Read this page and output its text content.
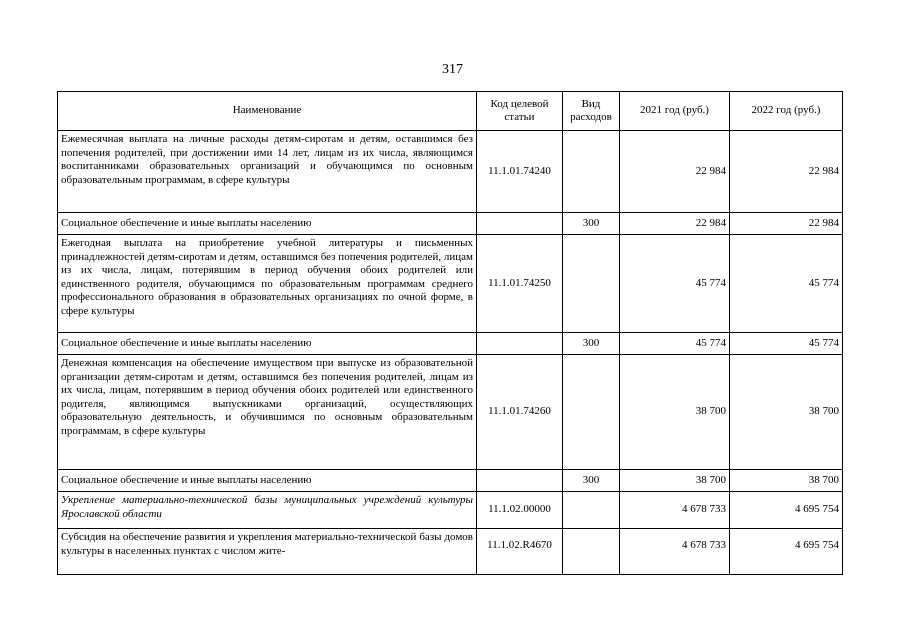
317
Наименование	Код целевой статьи	Вид расходов	2021 год (руб.)	2022 год (руб.)
Ежемесячная выплата на личные расходы детям-сиротам и детям, оставшимся без попечения родителей, при достижении ими 14 лет, лицам из их числа, являющимся воспитанниками образовательных организаций и обучающимся по основным образовательным программам, в сфере культуры	11.1.01.74240		22 984	22 984
Социальное обеспечение и иные выплаты населению		300	22 984	22 984
Ежегодная выплата на приобретение учебной литературы и письменных принадлежностей детям-сиротам и детям, оставшимся без попечения родителей, лицам из их числа, лицам, потерявшим в период обучения обоих родителей или единственного родителя, обучающимся по образовательным программам среднего профессионального образования в образовательных организациях по очной форме, в сфере культуры	11.1.01.74250		45 774	45 774
Социальное обеспечение и иные выплаты населению		300	45 774	45 774
Денежная компенсация на обеспечение имуществом при выпуске из образовательной организации детям-сиротам и детям, оставшимся без попечения родителей, лицам из их числа, лицам, потерявшим в период обучения обоих родителей или единственного родителя, являющимся выпускниками организаций, осуществляющих образовательную деятельность, и обучившимся по основным образовательным программам, в сфере культуры	11.1.01.74260		38 700	38 700
Социальное обеспечение и иные выплаты населению		300	38 700	38 700
Укрепление материально-технической базы муниципальных учреждений культуры Ярославской области	11.1.02.00000		4 678 733	4 695 754
Субсидия на обеспечение развития и укрепления материально-технической базы домов культуры в населенных пунктах с числом жите-	11.1.02.R4670		4 678 733	4 695 754
